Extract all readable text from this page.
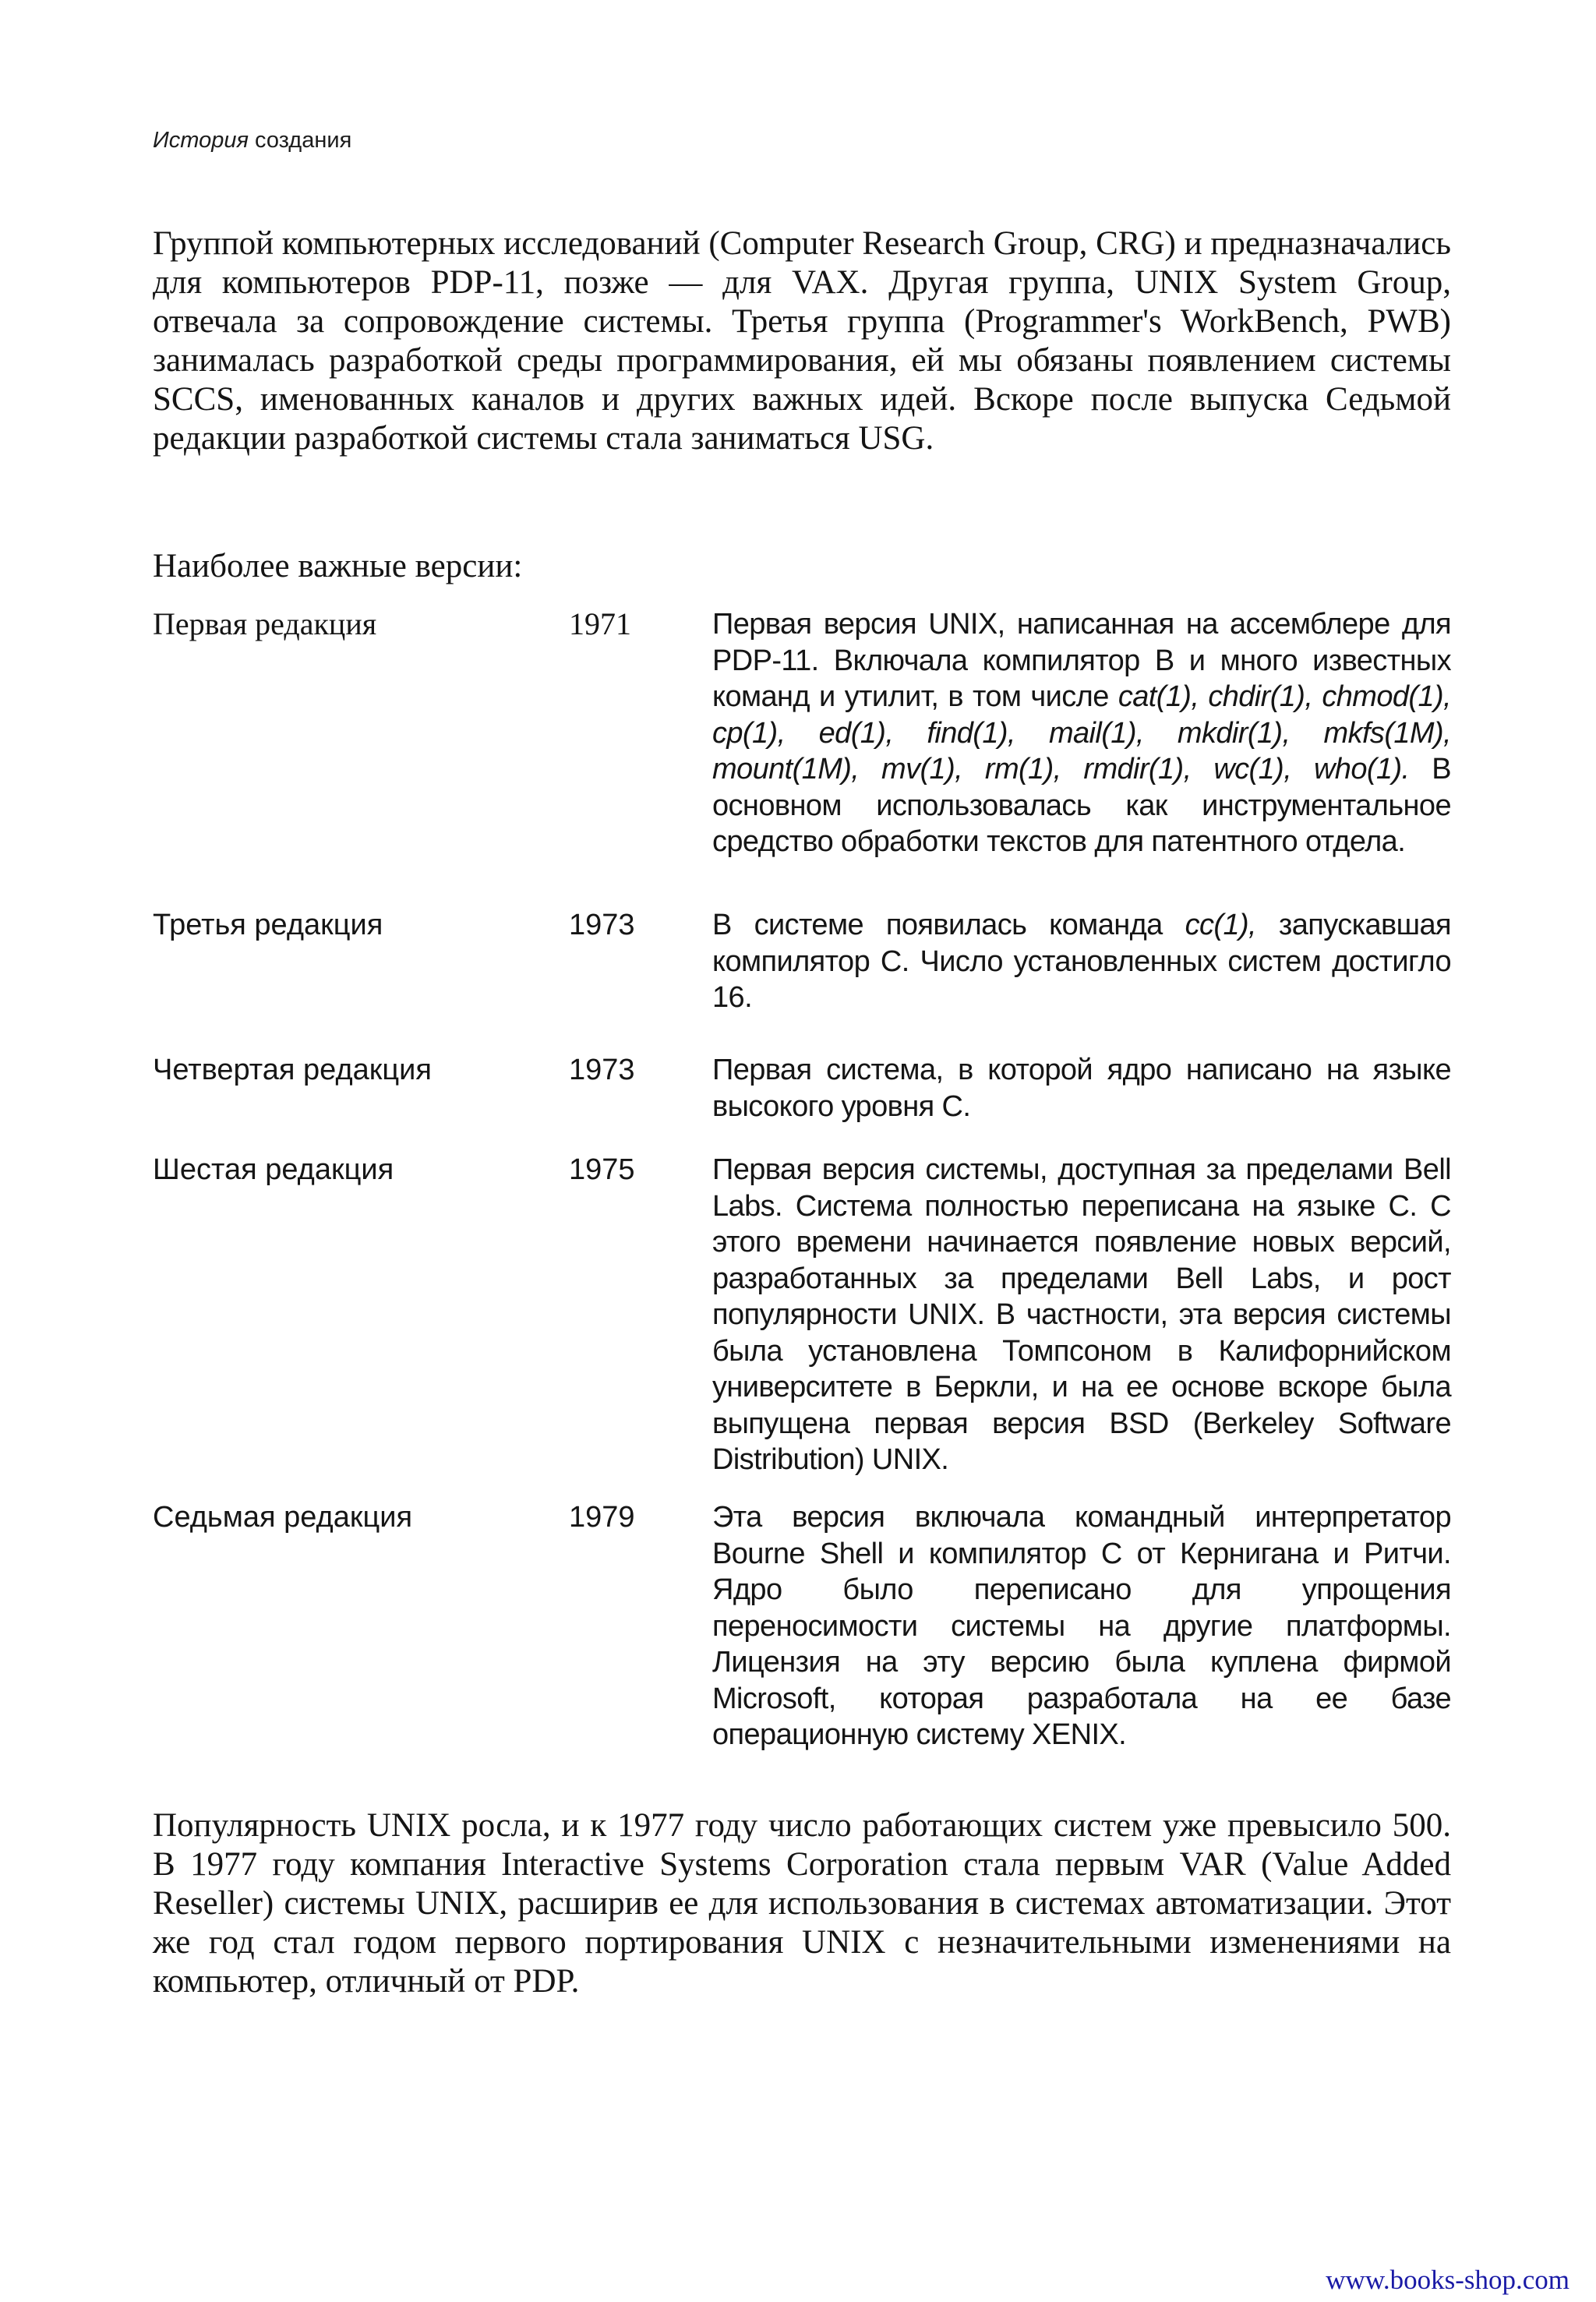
История создания
Группой компьютерных исследований (Computer Research Group, CRG) и предназначались для компьютеров PDP-11, позже — для VAX. Другая группа, UNIX System Group, отвечала за сопровождение системы. Третья группа (Programmer's WorkBench, PWB) занималась разработкой среды программирования, ей мы обязаны появлением системы SCCS, именованных каналов и других важных идей. Вскоре после выпуска Седьмой редакции разработкой системы стала заниматься USG.
Наиболее важные версии:
Первая редакция	1971	Первая версия UNIX, написанная на ассемблере для PDP-11. Включала компилятор B и много известных команд и утилит, в том числе cat(1), chdir(1), chmod(1), cp(1), ed(1), find(1), mail(1), mkdir(1), mkfs(1M), mount(1M), mv(1), rm(1), rmdir(1), wc(1), who(1). В основном использовалась как инструментальное средство обработки текстов для патентного отдела.
Третья редакция	1973	В системе появилась команда cc(1), запускавшая компилятор С. Число установленных систем достигло 16.
Четвертая редакция	1973	Первая система, в которой ядро написано на языке высокого уровня С.
Шестая редакция	1975	Первая версия системы, доступная за пределами Bell Labs. Система полностью переписана на языке С. С этого времени начинается появление новых версий, разработанных за пределами Bell Labs, и рост популярности UNIX. В частности, эта версия системы была установлена Томпсоном в Калифорнийском университете в Беркли, и на ее основе вскоре была выпущена первая версия BSD (Berkeley Software Distribution) UNIX.
Седьмая редакция	1979	Эта версия включала командный интерпретатор Bourne Shell и компилятор С от Кернигана и Ритчи. Ядро было переписано для упрощения переносимости системы на другие платформы. Лицензия на эту версию была куплена фирмой Microsoft, которая разработала на ее базе операционную систему XENIX.
Популярность UNIX росла, и к 1977 году число работающих систем уже превысило 500. В 1977 году компания Interactive Systems Corporation стала первым VAR (Value Added Reseller) системы UNIX, расширив ее для использования в системах автоматизации. Этот же год стал годом первого портирования UNIX с незначительными изменениями на компьютер, отличный от PDP.
www.books-shop.com
